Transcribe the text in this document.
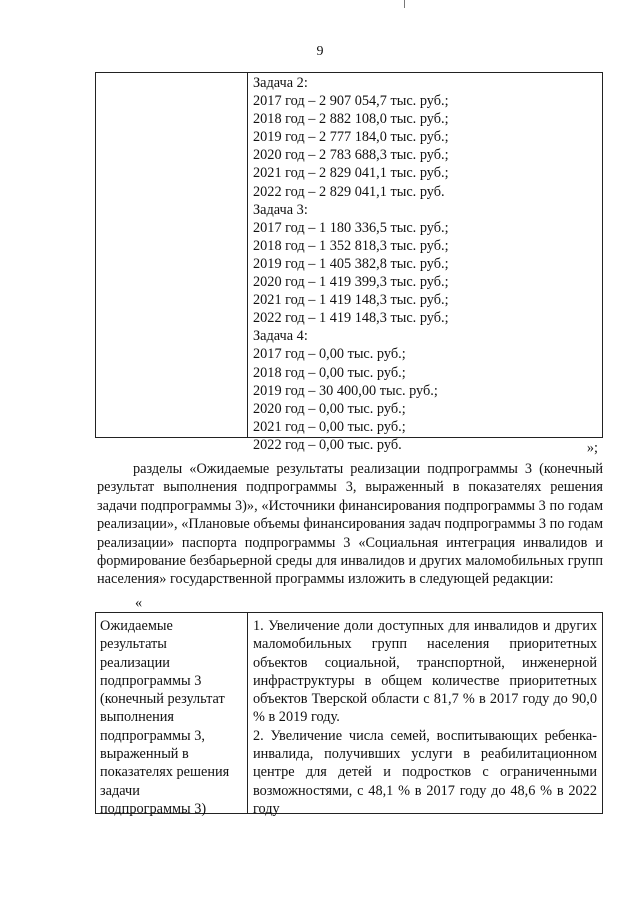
9
Задача 2:
2017 год – 2 907 054,7 тыс. руб.;
2018 год – 2 882 108,0 тыс. руб.;
2019 год – 2 777 184,0 тыс. руб.;
2020 год – 2 783 688,3 тыс. руб.;
2021 год – 2 829 041,1 тыс. руб.;
2022 год – 2 829 041,1 тыс. руб.
Задача 3:
2017 год – 1 180 336,5 тыс. руб.;
2018 год – 1 352 818,3 тыс. руб.;
2019 год – 1 405 382,8 тыс. руб.;
2020 год – 1 419 399,3 тыс. руб.;
2021 год – 1 419 148,3 тыс. руб.;
2022 год – 1 419 148,3 тыс. руб.;
Задача 4:
2017 год – 0,00 тыс. руб.;
2018 год – 0,00 тыс. руб.;
2019 год – 30 400,00 тыс. руб.;
2020 год – 0,00 тыс. руб.;
2021 год – 0,00 тыс. руб.;
2022 год – 0,00 тыс. руб.	»;

разделы «Ожидаемые результаты реализации подпрограммы 3 (конечный результат выполнения подпрограммы 3, выраженный в показателях решения задачи подпрограммы 3)», «Источники финансирования подпрограммы 3 по годам реализации», «Плановые объемы финансирования задач подпрограммы 3 по годам реализации» паспорта подпрограммы 3 «Социальная интеграция инвалидов и формирование безбарьерной среды для инвалидов и других маломобильных групп населения» государственной программы изложить в следующей редакции:

«
Ожидаемые
результаты
реализации
подпрограммы 3
(конечный результат
выполнения
подпрограммы 3,
выраженный в
показателях решения
задачи
подпрограммы 3)

1. Увеличение доли доступных для инвалидов и других маломобильных групп населения приоритетных объектов социальной, транспортной, инженерной инфраструктуры в общем количестве приоритетных объектов Тверской области с 81,7 % в 2017 году до 90,0 % в 2019 году.

2. Увеличение числа семей, воспитывающих ребенка-инвалида, получивших услуги в реабилитационном центре для детей и подростков с ограниченными возможностями, с 48,1 % в 2017 году до 48,6 % в 2022 году
